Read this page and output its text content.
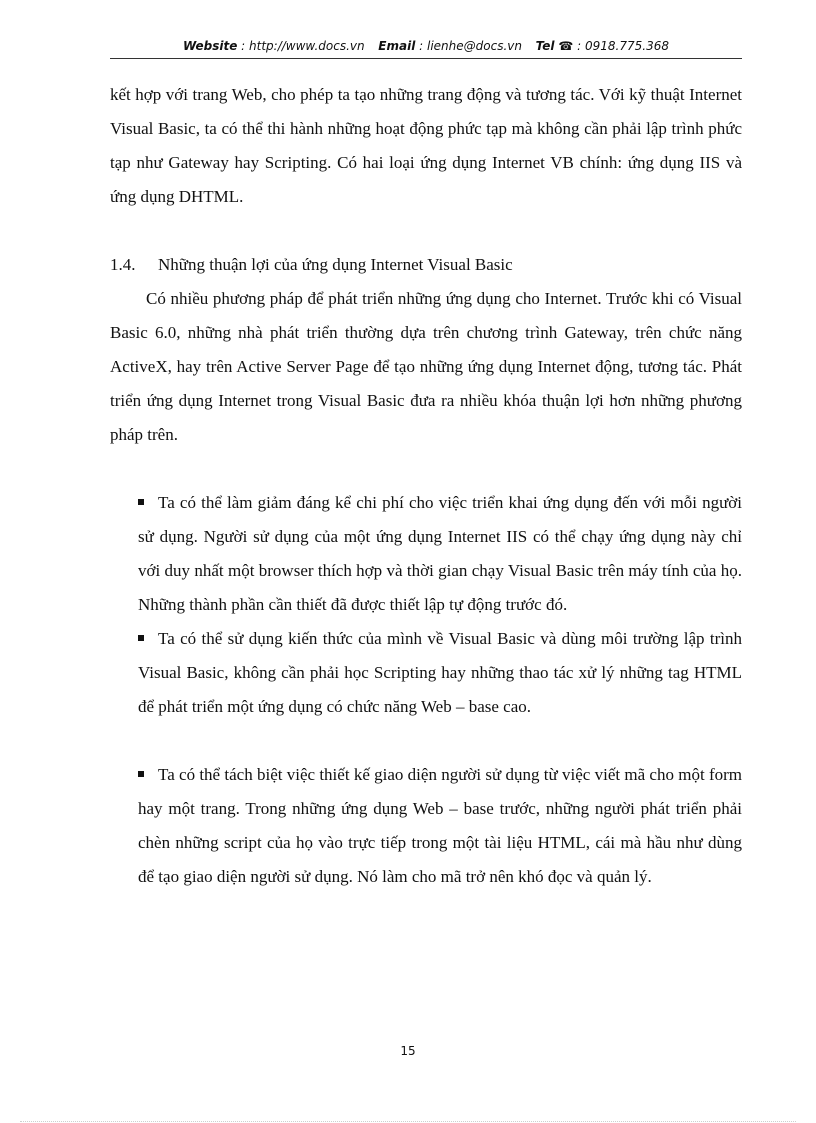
Website : http://www.docs.vn Email : lienhe@docs.vn Tel ☎ : 0918.775.368

kết hợp với trang Web, cho phép ta tạo những trang động và tương tác. Với kỹ thuật Internet Visual Basic, ta có thể thi hành những hoạt động phức tạp mà không cần phải lập trình phức tạp như Gateway hay Scripting. Có hai loại ứng dụng Internet VB chính: ứng dụng IIS và ứng dụng DHTML.

1.4.	Những thuận lợi của ứng dụng Internet Visual Basic

Có nhiều phương pháp để phát triển những ứng dụng cho Internet. Trước khi có Visual Basic 6.0, những nhà phát triển thường dựa trên chương trình Gateway, trên chức năng ActiveX, hay trên Active Server Page để tạo những ứng dụng Internet động, tương tác. Phát triển ứng dụng Internet trong Visual Basic đưa ra nhiều khóa thuận lợi hơn những phương pháp trên.

Ta có thể làm giảm đáng kể chi phí cho việc triển khai ứng dụng đến với mỗi người sử dụng. Người sử dụng của một ứng dụng Internet IIS có thể chạy ứng dụng này chỉ với duy nhất một browser thích hợp và thời gian chạy Visual Basic trên máy tính của họ. Những thành phần cần thiết đã được thiết lập tự động trước đó.

Ta có thể sử dụng kiến thức của mình về Visual Basic và dùng môi trường lập trình Visual Basic, không cần phải học Scripting hay những thao tác xử lý những tag HTML để phát triển một ứng dụng có chức năng Web – base cao.

Ta có thể tách biệt việc thiết kế giao diện người sử dụng từ việc viết mã cho một form hay một trang. Trong những ứng dụng Web – base trước, những người phát triển phải chèn những script của họ vào trực tiếp trong một tài liệu HTML, cái mà hầu như dùng để tạo giao diện người sử dụng. Nó làm cho mã trở nên khó đọc và quản lý.

15
